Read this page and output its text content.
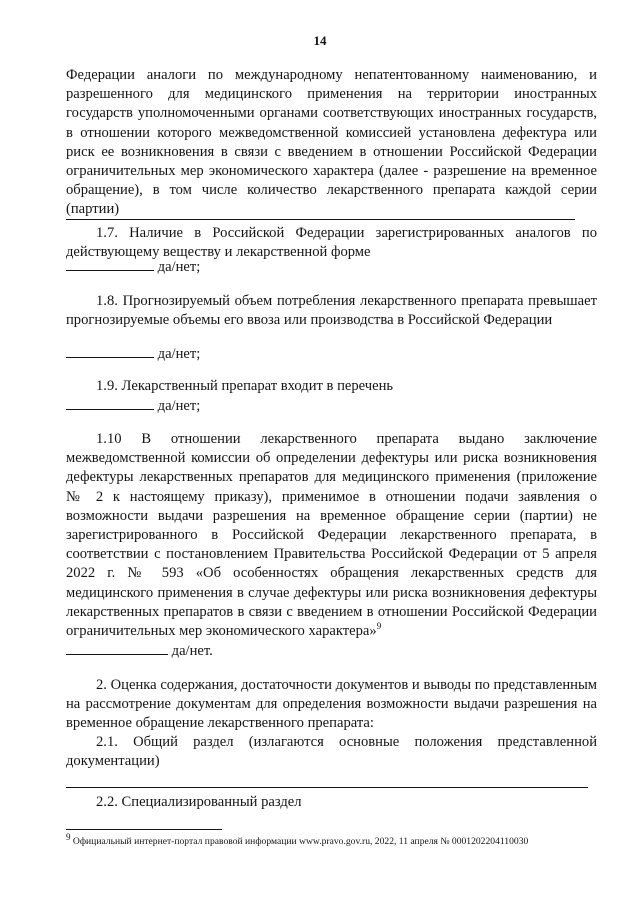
14
Федерации аналоги по международному непатентованному наименованию, и разрешенного для медицинского применения на территории иностранных государств уполномоченными органами соответствующих иностранных государств, в отношении которого межведомственной комиссией установлена дефектура или риск ее возникновения в связи с введением в отношении Российской Федерации ограничительных мер экономического характера (далее - разрешение на временное обращение), в том числе количество лекарственного препарата каждой серии (партии)
1.7. Наличие в Российской Федерации зарегистрированных аналогов по действующему веществу и лекарственной форме
да/нет;
1.8. Прогнозируемый объем потребления лекарственного препарата превышает прогнозируемые объемы его ввоза или производства в Российской Федерации
да/нет;
1.9. Лекарственный препарат входит в перечень
да/нет;
1.10 В отношении лекарственного препарата выдано заключение межведомственной комиссии об определении дефектуры или риска возникновения дефектуры лекарственных препаратов для медицинского применения (приложение № 2 к настоящему приказу), применимое в отношении подачи заявления о возможности выдачи разрешения на временное обращение серии (партии) не зарегистрированного в Российской Федерации лекарственного препарата, в соответствии с постановлением Правительства Российской Федерации от 5 апреля 2022 г. № 593 «Об особенностях обращения лекарственных средств для медицинского применения в случае дефектуры или риска возникновения дефектуры лекарственных препаратов в связи с введением в отношении Российской Федерации ограничительных мер экономического характера»$^9$
да/нет.
2. Оценка содержания, достаточности документов и выводы по представленным на рассмотрение документам для определения возможности выдачи разрешения на временное обращение лекарственного препарата:
2.1. Общий раздел (излагаются основные положения представленной документации)
2.2. Специализированный раздел
$^9$ Официальный интернет-портал правовой информации www.pravo.gov.ru, 2022, 11 апреля № 0001202204110030
